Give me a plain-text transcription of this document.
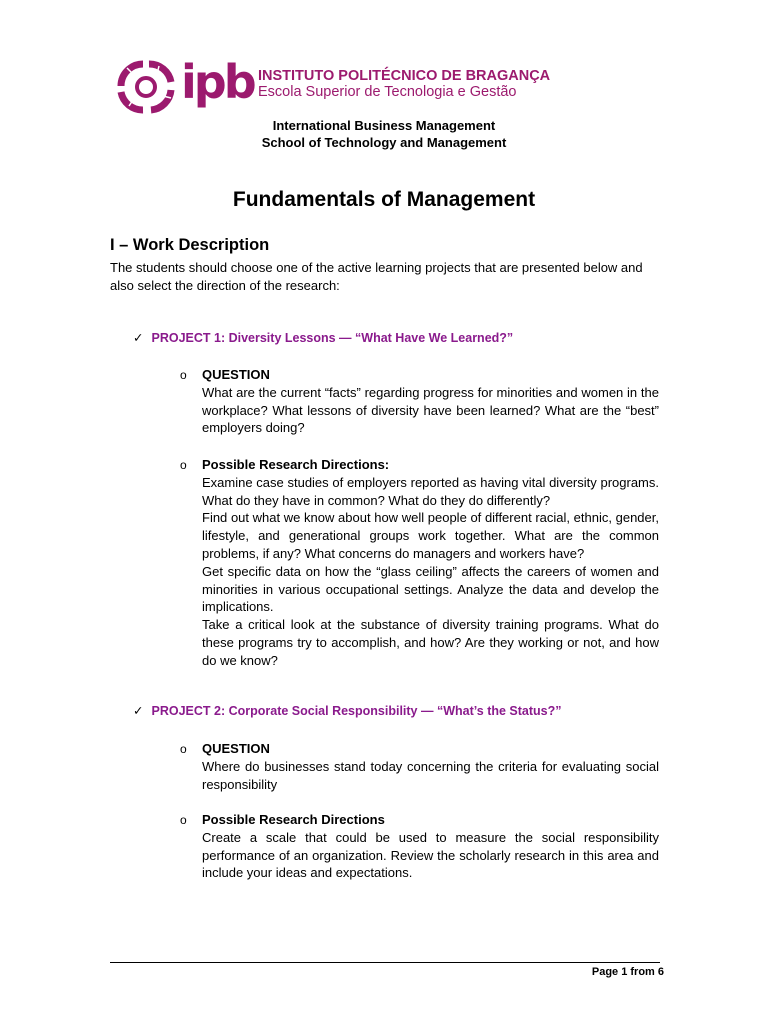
ipb INSTITUTO POLITÉCNICO DE BRAGANÇA
Escola Superior de Tecnologia e Gestão
International Business Management
School of Technology and Management
Fundamentals of Management
I – Work Description
The students should choose one of the active learning projects that are presented below and also select the direction of the research:
✓ PROJECT 1: Diversity Lessons — “What Have We Learned?”
o QUESTION

What are the current “facts” regarding progress for minorities and women in the workplace? What lessons of diversity have been learned? What are the “best” employers doing?

o Possible Research Directions:

Examine case studies of employers reported as having vital diversity programs. What do they have in common? What do they do differently?

Find out what we know about how well people of different racial, ethnic, gender, lifestyle, and generational groups work together. What are the common problems, if any? What concerns do managers and workers have?

Get specific data on how the “glass ceiling” affects the careers of women and minorities in various occupational settings. Analyze the data and develop the implications.

Take a critical look at the substance of diversity training programs. What do these programs try to accomplish, and how? Are they working or not, and how do we know?

✓ PROJECT 2: Corporate Social Responsibility — “What’s the Status?”
o QUESTION

Where do businesses stand today concerning the criteria for evaluating social responsibility

o Possible Research Directions

Create a scale that could be used to measure the social responsibility performance of an organization. Review the scholarly research in this area and include your ideas and expectations.

Page 1 from 6
